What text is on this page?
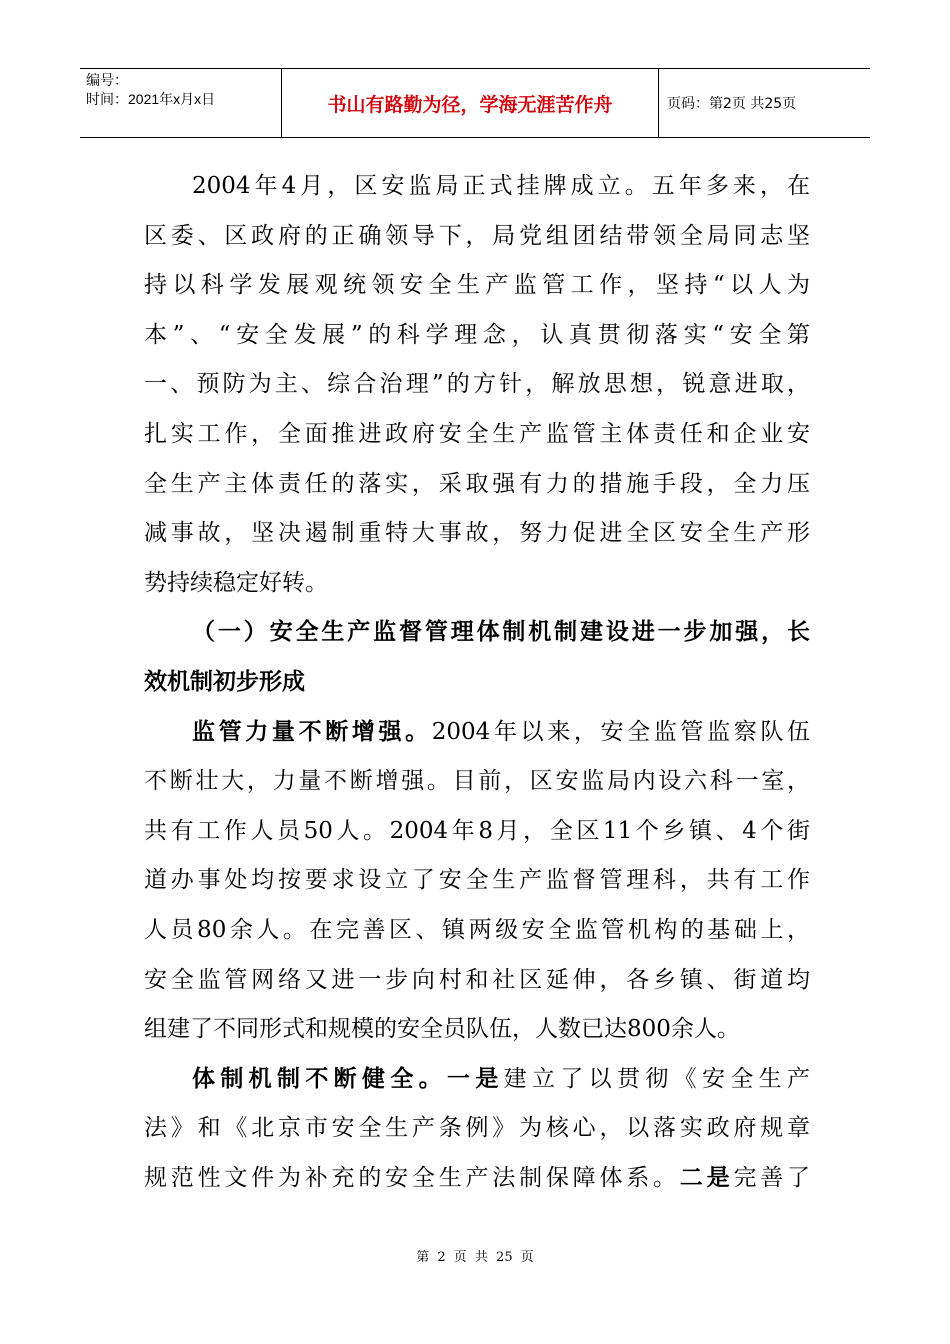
编号：
时间：2021年x月x日	书山有路勤为径，学海无涯苦作舟	页码：第2页 共25页
2004年4月，区安监局正式挂牌成立。五年多来，在
区委、区政府的正确领导下，局党组团结带领全局同志坚
持以科学发展观统领安全生产监管工作，坚持“以人为
本”、“安全发展”的科学理念，认真贯彻落实“安全第
一、预防为主、综合治理”的方针，解放思想，锐意进取，
扎实工作，全面推进政府安全生产监管主体责任和企业安
全生产主体责任的落实，采取强有力的措施手段，全力压
减事故，坚决遏制重特大事故，努力促进全区安全生产形
势持续稳定好转。
（一）安全生产监督管理体制机制建设进一步加强，长
效机制初步形成
监管力量不断增强。2004年以来，安全监管监察队伍
不断壮大，力量不断增强。目前，区安监局内设六科一室，
共有工作人员50人。2004年8月，全区11个乡镇、4个街
道办事处均按要求设立了安全生产监督管理科，共有工作
人员80余人。在完善区、镇两级安全监管机构的基础上，
安全监管网络又进一步向村和社区延伸，各乡镇、街道均
组建了不同形式和规模的安全员队伍，人数已达800余人。
体制机制不断健全。一是建立了以贯彻《安全生产
法》和《北京市安全生产条例》为核心，以落实政府规章
规范性文件为补充的安全生产法制保障体系。二是完善了
第 2 页 共 25 页
